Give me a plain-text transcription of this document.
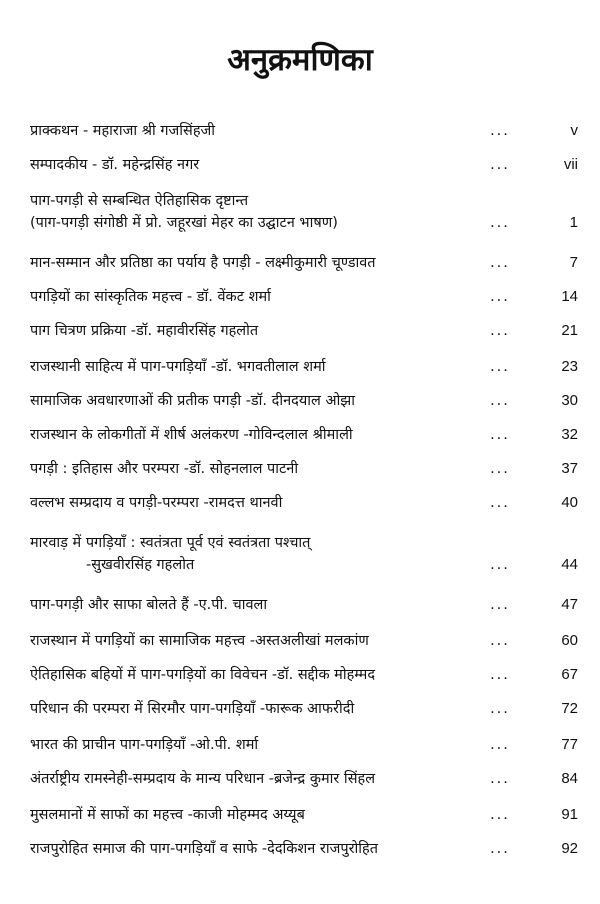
अनुक्रमणिका
प्राक्कथन - महाराजा श्री गजसिंहजी	...	v
सम्पादकीय - डॉ. महेन्द्रसिंह नगर	...	vii
पाग-पगड़ी से सम्बन्धित ऐतिहासिक दृष्टान्त
(पाग-पगड़ी संगोष्ठी में प्रो. जहूरखां मेहर का उद्घाटन भाषण)	...	1
मान-सम्मान और प्रतिष्ठा का पर्याय है पगड़ी - लक्ष्मीकुमारी चूण्डावत	...	7
पगड़ियों का सांस्कृतिक महत्त्व - डॉ. वेंकट शर्मा	...	14
पाग चित्रण प्रक्रिया -डॉ. महावीरसिंह गहलोत	...	21
राजस्थानी साहित्य में पाग-पगड़ियाँ -डॉ. भगवतीलाल शर्मा	...	23
सामाजिक अवधारणाओं की प्रतीक पगड़ी -डॉ. दीनदयाल ओझा	...	30
राजस्थान के लोकगीतों में शीर्ष अलंकरण -गोविन्दलाल श्रीमाली	...	32
पगड़ी : इतिहास और परम्परा -डॉ. सोहनलाल पाटनी	...	37
वल्लभ सम्प्रदाय व पगड़ी-परम्परा -रामदत्त थानवी	...	40
मारवाड़ में पगड़ियाँ : स्वतंत्रता पूर्व एवं स्वतंत्रता पश्चात्
-सुखवीरसिंह गहलोत	...	44
पाग-पगड़ी और साफा बोलते हैं -ए.पी. चावला	...	47
राजस्थान में पगड़ियों का सामाजिक महत्त्व -अस्तअलीखां मलकांण	...	60
ऐतिहासिक बहियों में पाग-पगड़ियों का विवेचन -डॉ. सद्दीक मोहम्मद	...	67
परिधान की परम्परा में सिरमौर पाग-पगड़ियाँ -फारूक आफरीदी	...	72
भारत की प्राचीन पाग-पगड़ियाँ -ओ.पी. शर्मा	...	77
अंतर्राष्ट्रीय रामस्नेही-सम्प्रदाय के मान्य परिधान -ब्रजेन्द्र कुमार सिंहल	...	84
मुसलमानों में साफों का महत्त्व -काजी मोहम्मद अय्यूब	...	91
राजपुरोहित समाज की पाग-पगड़ियाँ व साफे -देदकिशन राजपुरोहित	...	92
